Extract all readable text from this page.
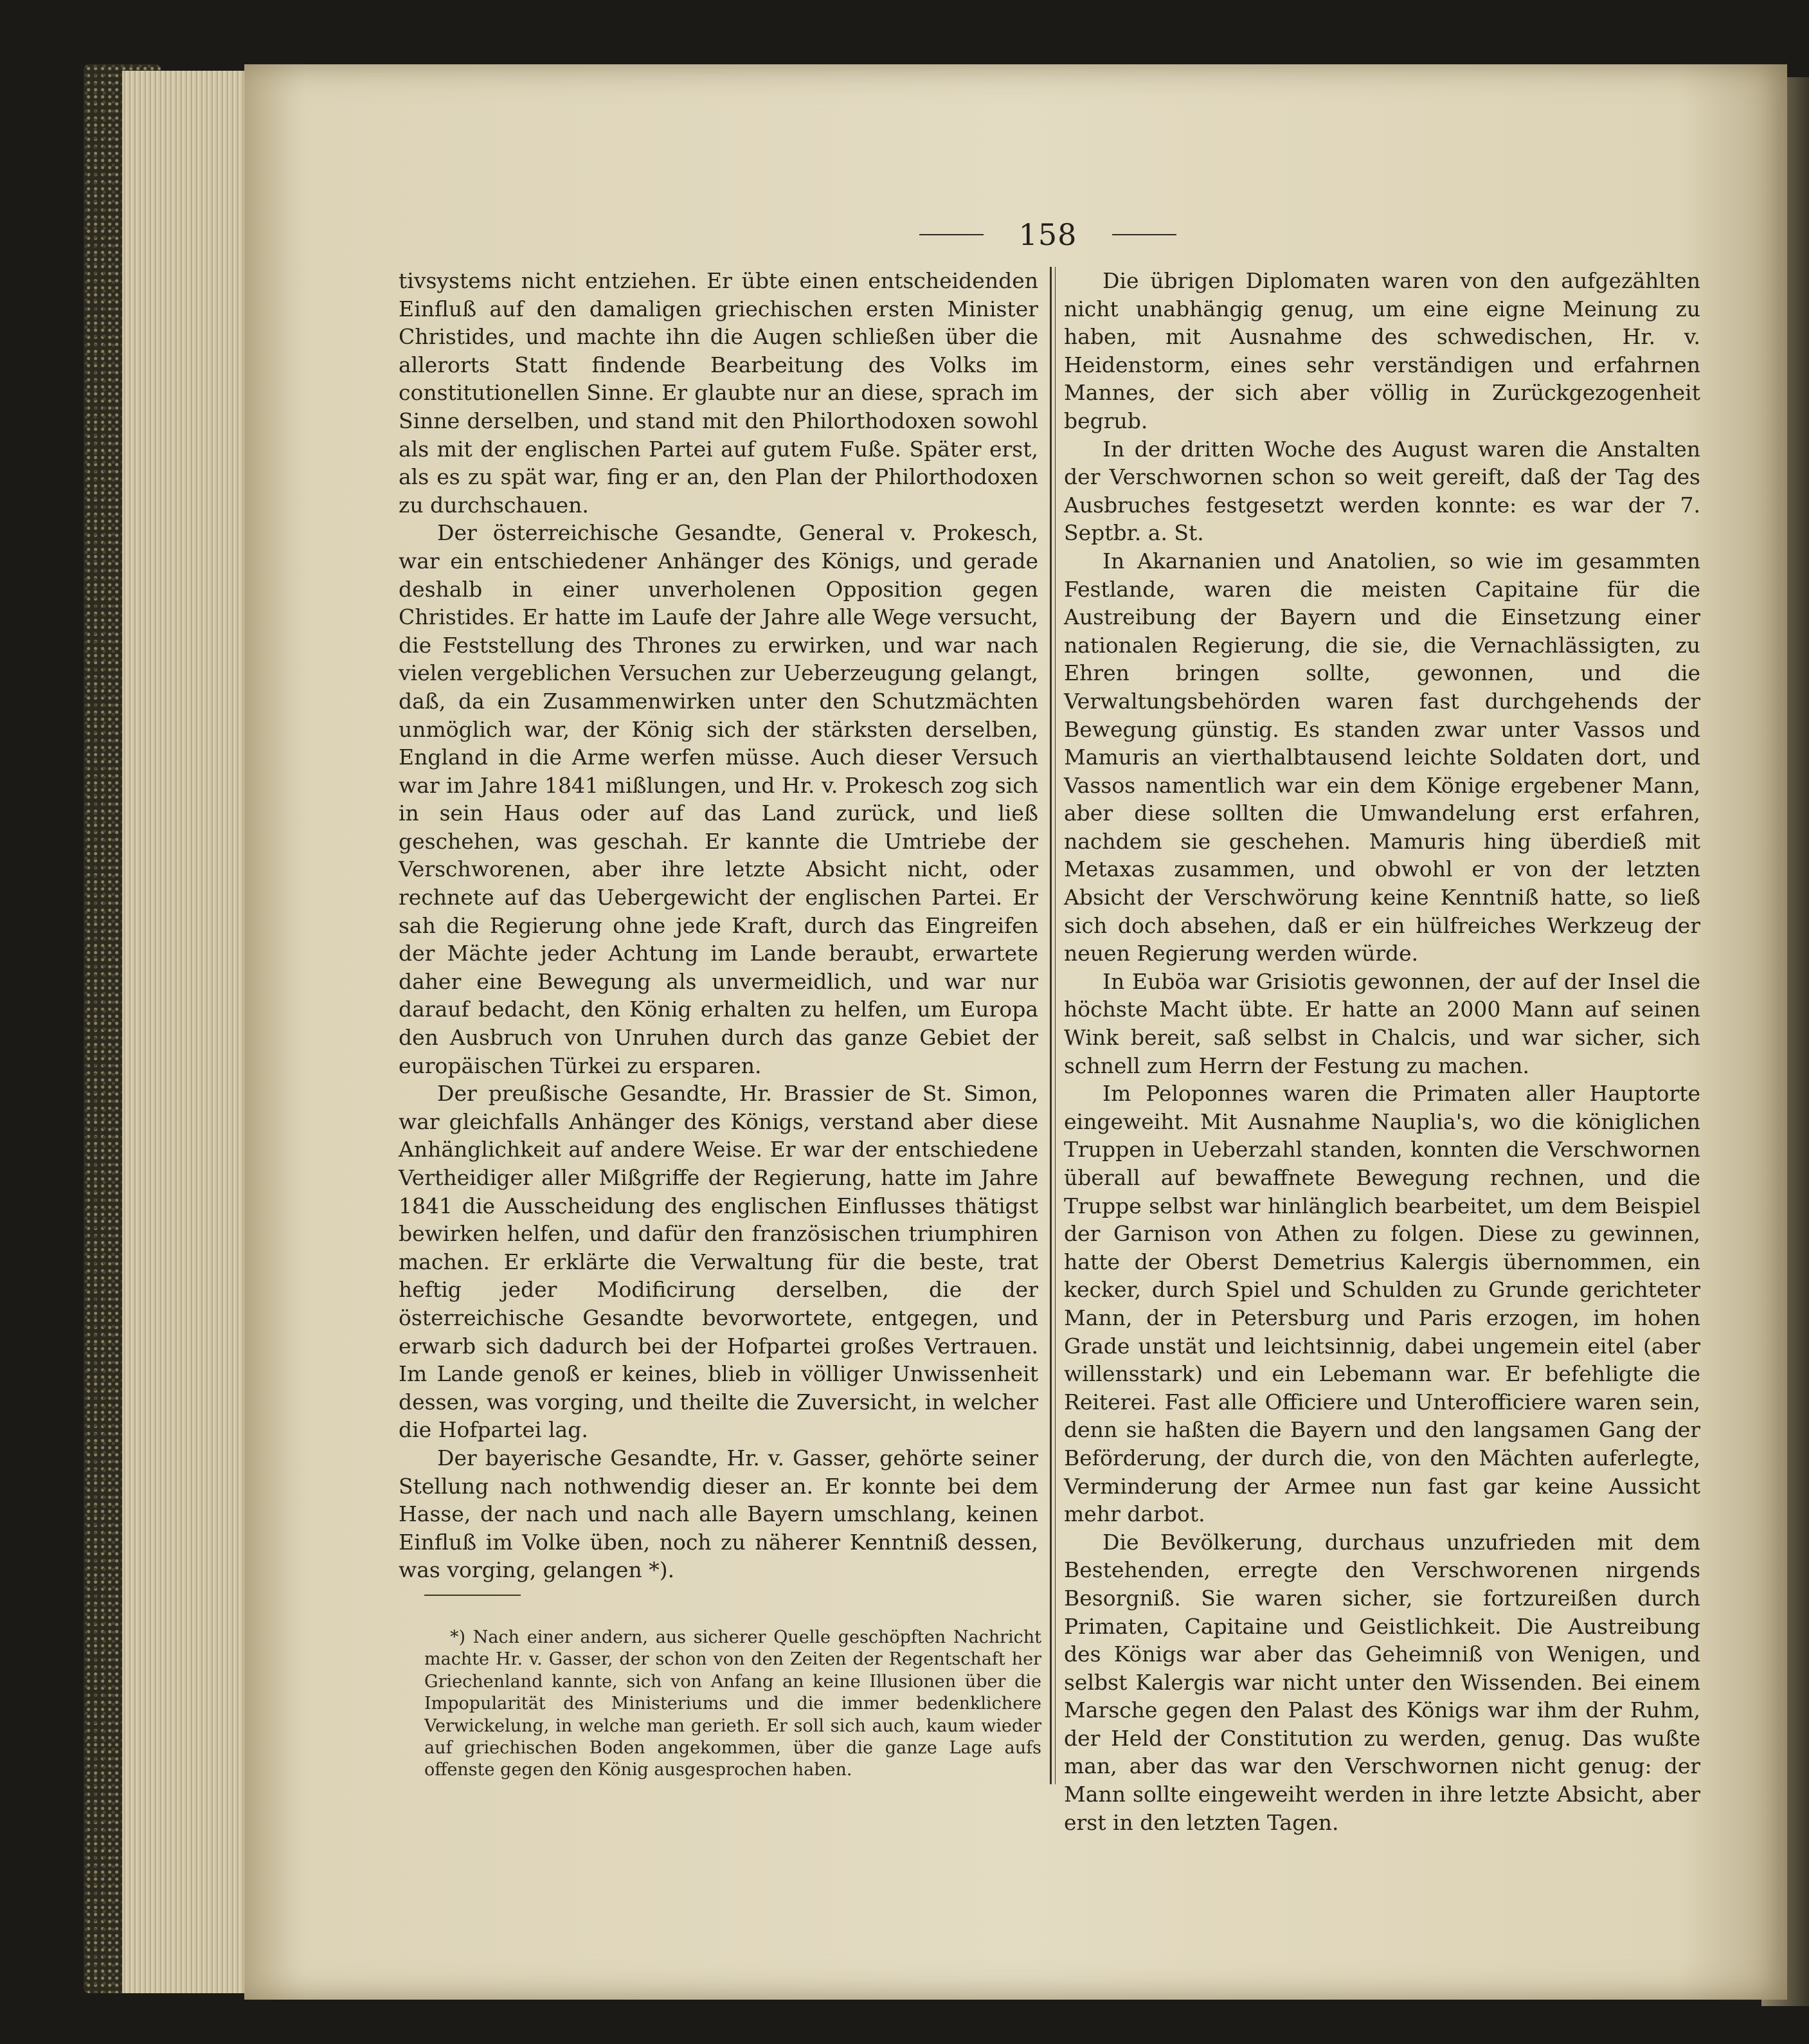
158

tivsystems nicht entziehen. Er übte einen entscheidenden Einfluß auf den damaligen griechischen ersten Minister Christides, und machte ihn die Augen schließen über die allerorts Statt findende Bearbeitung des Volks im constitutionellen Sinne. Er glaubte nur an diese, sprach im Sinne derselben, und stand mit den Philorthodoxen sowohl als mit der englischen Partei auf gutem Fuße. Später erst, als es zu spät war, fing er an, den Plan der Philorthodoxen zu durchschauen.

Der österreichische Gesandte, General v. Prokesch, war ein entschiedener Anhänger des Königs, und gerade deshalb in einer unverholenen Opposition gegen Christides. Er hatte im Laufe der Jahre alle Wege versucht, die Feststellung des Thrones zu erwirken, und war nach vielen vergeblichen Versuchen zur Ueberzeugung gelangt, daß, da ein Zusammenwirken unter den Schutzmächten unmöglich war, der König sich der stärksten derselben, England in die Arme werfen müsse. Auch dieser Versuch war im Jahre 1841 mißlungen, und Hr. v. Prokesch zog sich in sein Haus oder auf das Land zurück, und ließ geschehen, was geschah. Er kannte die Umtriebe der Verschworenen, aber ihre letzte Absicht nicht, oder rechnete auf das Uebergewicht der englischen Partei. Er sah die Regierung ohne jede Kraft, durch das Eingreifen der Mächte jeder Achtung im Lande beraubt, erwartete daher eine Bewegung als unvermeidlich, und war nur darauf bedacht, den König erhalten zu helfen, um Europa den Ausbruch von Unruhen durch das ganze Gebiet der europäischen Türkei zu ersparen.

Der preußische Gesandte, Hr. Brassier de St. Simon, war gleichfalls Anhänger des Königs, verstand aber diese Anhänglichkeit auf andere Weise. Er war der entschiedene Vertheidiger aller Mißgriffe der Regierung, hatte im Jahre 1841 die Ausscheidung des englischen Einflusses thätigst bewirken helfen, und dafür den französischen triumphiren machen. Er erklärte die Verwaltung für die beste, trat heftig jeder Modificirung derselben, die der österreichische Gesandte bevorwortete, entgegen, und erwarb sich dadurch bei der Hofpartei großes Vertrauen. Im Lande genoß er keines, blieb in völliger Unwissenheit dessen, was vorging, und theilte die Zuversicht, in welcher die Hofpartei lag.

Der bayerische Gesandte, Hr. v. Gasser, gehörte seiner Stellung nach nothwendig dieser an. Er konnte bei dem Hasse, der nach und nach alle Bayern umschlang, keinen Einfluß im Volke üben, noch zu näherer Kenntniß dessen, was vorging, gelangen *).

*) Nach einer andern, aus sicherer Quelle geschöpften Nachricht machte Hr. v. Gasser, der schon von den Zeiten der Regentschaft her Griechenland kannte, sich von Anfang an keine Illusionen über die Impopularität des Ministeriums und die immer bedenklichere Verwickelung, in welche man gerieth. Er soll sich auch, kaum wieder auf griechischen Boden angekommen, über die ganze Lage aufs offenste gegen den König ausgesprochen haben.

Die übrigen Diplomaten waren von den aufgezählten nicht unabhängig genug, um eine eigne Meinung zu haben, mit Ausnahme des schwedischen, Hr. v. Heidenstorm, eines sehr verständigen und erfahrnen Mannes, der sich aber völlig in Zurückgezogenheit begrub.

In der dritten Woche des August waren die Anstalten der Verschwornen schon so weit gereift, daß der Tag des Ausbruches festgesetzt werden konnte: es war der 7. Septbr. a. St.

In Akarnanien und Anatolien, so wie im gesammten Festlande, waren die meisten Capitaine für die Austreibung der Bayern und die Einsetzung einer nationalen Regierung, die sie, die Vernachlässigten, zu Ehren bringen sollte, gewonnen, und die Verwaltungsbehörden waren fast durchgehends der Bewegung günstig. Es standen zwar unter Vassos und Mamuris an vierthalbtausend leichte Soldaten dort, und Vassos namentlich war ein dem Könige ergebener Mann, aber diese sollten die Umwandelung erst erfahren, nachdem sie geschehen. Mamuris hing überdieß mit Metaxas zusammen, und obwohl er von der letzten Absicht der Verschwörung keine Kenntniß hatte, so ließ sich doch absehen, daß er ein hülfreiches Werkzeug der neuen Regierung werden würde.

In Euböa war Grisiotis gewonnen, der auf der Insel die höchste Macht übte. Er hatte an 2000 Mann auf seinen Wink bereit, saß selbst in Chalcis, und war sicher, sich schnell zum Herrn der Festung zu machen.

Im Peloponnes waren die Primaten aller Hauptorte eingeweiht. Mit Ausnahme Nauplia's, wo die königlichen Truppen in Ueberzahl standen, konnten die Verschwornen überall auf bewaffnete Bewegung rechnen, und die Truppe selbst war hinlänglich bearbeitet, um dem Beispiel der Garnison von Athen zu folgen. Diese zu gewinnen, hatte der Oberst Demetrius Kalergis übernommen, ein kecker, durch Spiel und Schulden zu Grunde gerichteter Mann, der in Petersburg und Paris erzogen, im hohen Grade unstät und leichtsinnig, dabei ungemein eitel (aber willensstark) und ein Lebemann war. Er befehligte die Reiterei. Fast alle Officiere und Unterofficiere waren sein, denn sie haßten die Bayern und den langsamen Gang der Beförderung, der durch die, von den Mächten auferlegte, Verminderung der Armee nun fast gar keine Aussicht mehr darbot.

Die Bevölkerung, durchaus unzufrieden mit dem Bestehenden, erregte den Verschworenen nirgends Besorgniß. Sie waren sicher, sie fortzureißen durch Primaten, Capitaine und Geistlichkeit. Die Austreibung des Königs war aber das Geheimniß von Wenigen, und selbst Kalergis war nicht unter den Wissenden. Bei einem Marsche gegen den Palast des Königs war ihm der Ruhm, der Held der Constitution zu werden, genug. Das wußte man, aber das war den Verschwornen nicht genug: der Mann sollte eingeweiht werden in ihre letzte Absicht, aber erst in den letzten Tagen.
